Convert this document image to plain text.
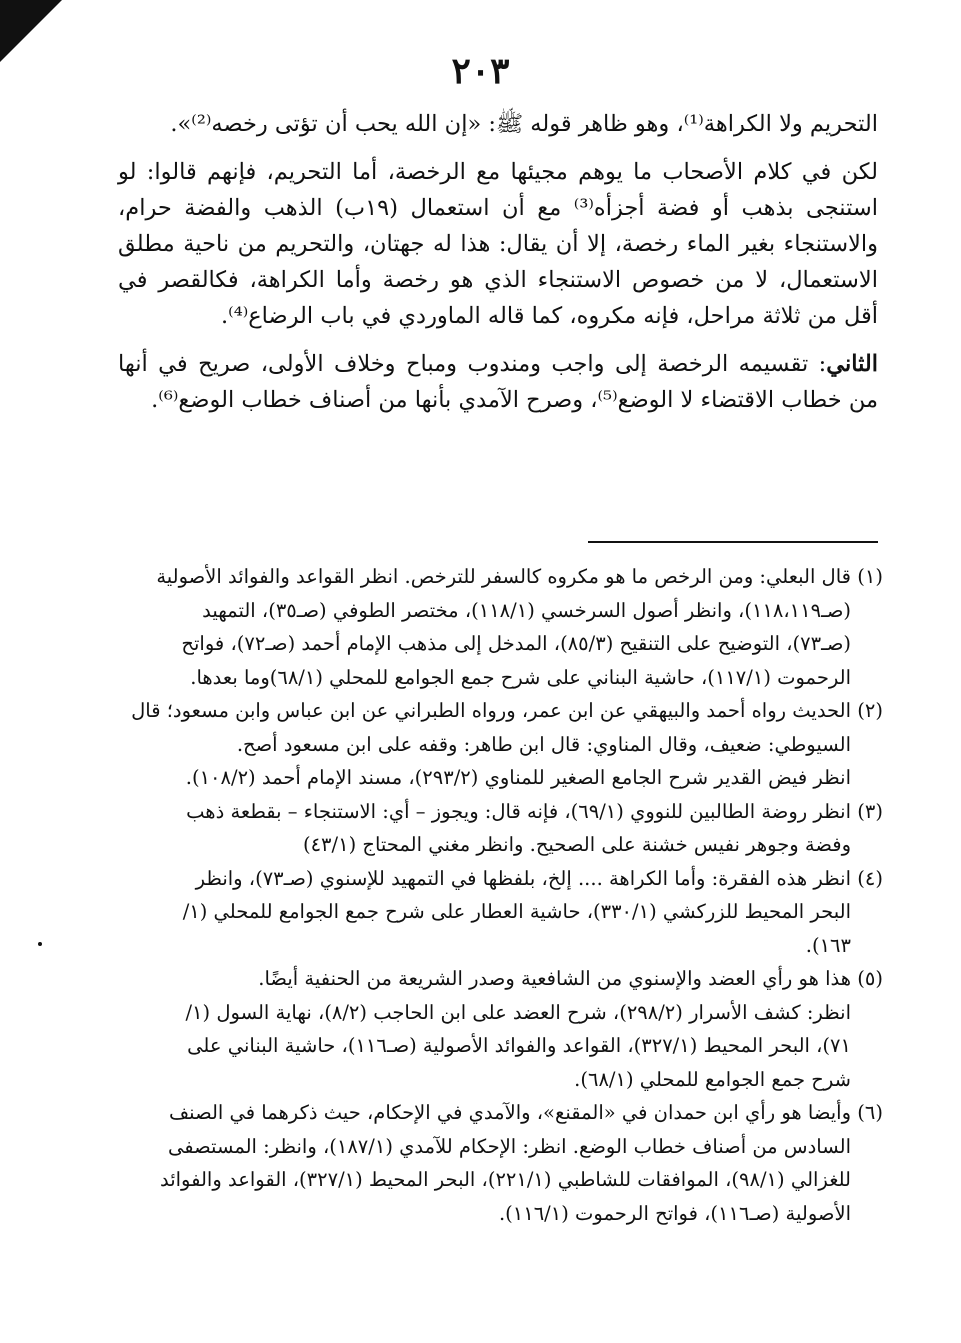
٢٠٣

التحريم ولا الكراهة⁽¹⁾، وهو ظاهر قوله ﷺ: «إن الله يحب أن تؤتى رخصه⁽²⁾».

لكن في كلام الأصحاب ما يوهم مجيئها مع الرخصة، أما التحريم، فإنهم قالوا: لو استنجى بذهب أو فضة أجزأه⁽³⁾ مع أن استعمال (١٩ب) الذهب والفضة حرام، والاستنجاء بغير الماء رخصة، إلا أن يقال: هذا له جهتان، والتحريم من ناحية مطلق الاستعمال، لا من خصوص الاستنجاء الذي هو رخصة وأما الكراهة، فكالقصر في أقل من ثلاثة مراحل، فإنه مكروه، كما قاله الماوردي في باب الرضاع⁽⁴⁾.

الثاني: تقسيمه الرخصة إلى واجب ومندوب ومباح وخلاف الأولى، صريح في أنها من خطاب الاقتضاء لا الوضع⁽⁵⁾، وصرح الآمدي بأنها من أصناف خطاب الوضع⁽⁶⁾.

(١)
قال البعلي: ومن الرخص ما هو مكروه كالسفر للترخص. انظر القواعد والفوائد الأصولية
(صـ١١٨،١١٩)، وانظر أصول السرخسي (١١٨/١)، مختصر الطوفي (صـ٣٥)، التمهيد
(صـ٧٣)، التوضيح على التنقيح (٨٥/٣)، المدخل إلى مذهب الإمام أحمد (صـ٧٢)، فواتح
الرحموت (١١٧/١)، حاشية البناني على شرح جمع الجوامع للمحلي (٦٨/١)وما بعدها.
(٢)
الحديث رواه أحمد والبيهقي عن ابن عمر، ورواه الطبراني عن ابن عباس وابن مسعود؛ قال
السيوطي: ضعيف، وقال المناوي: قال ابن طاهر: وقفه على ابن مسعود أصح.
انظر فيض القدير شرح الجامع الصغير للمناوي (٢٩٣/٢)، مسند الإمام أحمد (١٠٨/٢).
(٣)
انظر روضة الطالبين للنووي (٦٩/١)، فإنه قال: ويجوز – أي: الاستنجاء – بقطعة ذهب
وفضة وجوهر نفيس خشنة على الصحيح. وانظر مغني المحتاج (٤٣/١)
(٤)
انظر هذه الفقرة: وأما الكراهة .... إلخ، بلفظها في التمهيد للإسنوي (صـ٧٣)، وانظر
البحر المحيط للزركشي (٣٣٠/١)، حاشية العطار على شرح جمع الجوامع للمحلي (١/
١٦٣).
(٥)
هذا هو رأي العضد والإسنوي من الشافعية وصدر الشريعة من الحنفية أيضًا.
انظر: كشف الأسرار (٢٩٨/٢)، شرح العضد على ابن الحاجب (٨/٢)، نهاية السول (١/
٧١)، البحر المحيط (٣٢٧/١)، القواعد والفوائد الأصولية (صـ١١٦)، حاشية البناني على
شرح جمع الجوامع للمحلي (٦٨/١).
(٦)
وأيضا هو رأي ابن حمدان في «المقنع»، والآمدي في الإحكام، حيث ذكرهما في الصنف
السادس من أصناف خطاب الوضع. انظر: الإحكام للآمدي (١٨٧/١)، وانظر: المستصفى
للغزالي (٩٨/١)، الموافقات للشاطبي (٢٢١/١)، البحر المحيط (٣٢٧/١)، القواعد والفوائد
الأصولية (صـ١١٦)، فواتح الرحموت (١١٦/١).
